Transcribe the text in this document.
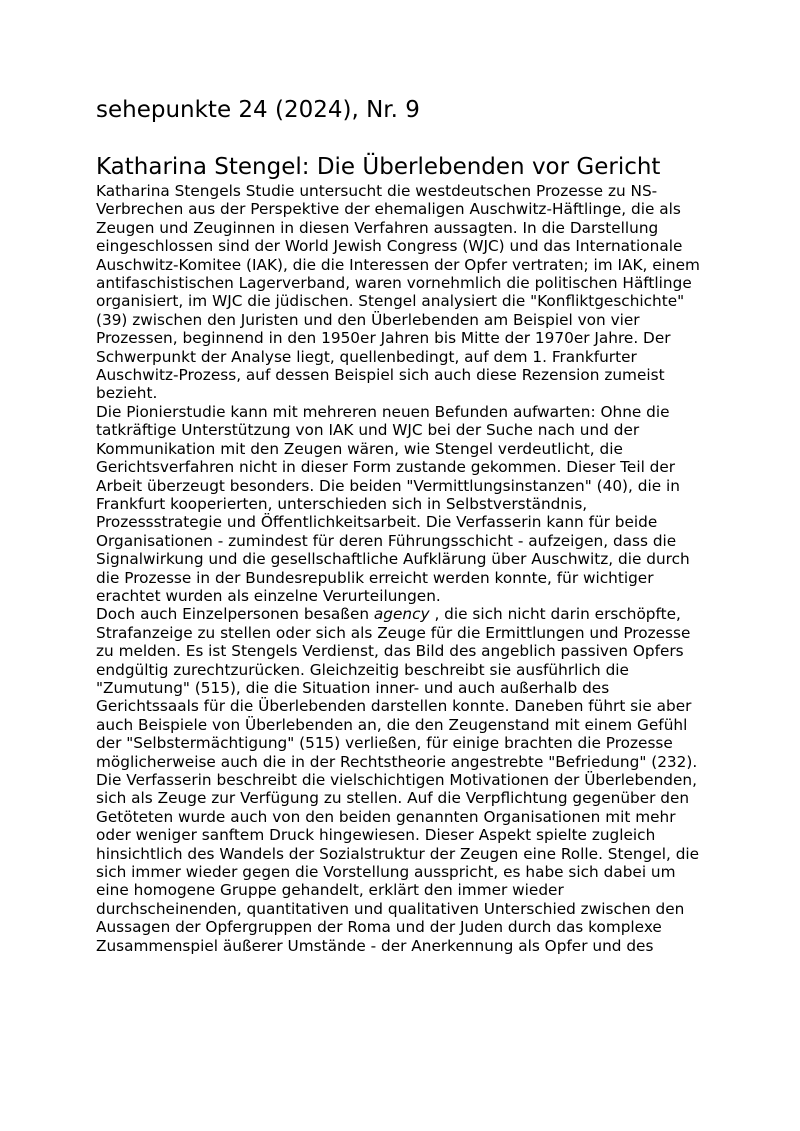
sehepunkte 24 (2024), Nr. 9
Katharina Stengel: Die Überlebenden vor Gericht

Katharina Stengels Studie untersucht die westdeutschen Prozesse zu NS-Verbrechen aus der Perspektive der ehemaligen Auschwitz-Häftlinge, die als Zeugen und Zeuginnen in diesen Verfahren aussagten. In die Darstellung eingeschlossen sind der World Jewish Congress (WJC) und das Internationale Auschwitz-Komitee (IAK), die die Interessen der Opfer vertraten; im IAK, einem antifaschistischen Lagerverband, waren vornehmlich die politischen Häftlinge organisiert, im WJC die jüdischen. Stengel analysiert die "Konfliktgeschichte" (39) zwischen den Juristen und den Überlebenden am Beispiel von vier Prozessen, beginnend in den 1950er Jahren bis Mitte der 1970er Jahre. Der Schwerpunkt der Analyse liegt, quellenbedingt, auf dem 1. Frankfurter Auschwitz-Prozess, auf dessen Beispiel sich auch diese Rezension zumeist bezieht.

Die Pionierstudie kann mit mehreren neuen Befunden aufwarten: Ohne die tatkräftige Unterstützung von IAK und WJC bei der Suche nach und der Kommunikation mit den Zeugen wären, wie Stengel verdeutlicht, die Gerichtsverfahren nicht in dieser Form zustande gekommen. Dieser Teil der Arbeit überzeugt besonders. Die beiden "Vermittlungsinstanzen" (40), die in Frankfurt kooperierten, unterschieden sich in Selbstverständnis, Prozessstrategie und Öffentlichkeitsarbeit. Die Verfasserin kann für beide Organisationen - zumindest für deren Führungsschicht - aufzeigen, dass die Signalwirkung und die gesellschaftliche Aufklärung über Auschwitz, die durch die Prozesse in der Bundesrepublik erreicht werden konnte, für wichtiger erachtet wurden als einzelne Verurteilungen.

Doch auch Einzelpersonen besaßen agency , die sich nicht darin erschöpfte, Strafanzeige zu stellen oder sich als Zeuge für die Ermittlungen und Prozesse zu melden. Es ist Stengels Verdienst, das Bild des angeblich passiven Opfers endgültig zurechtzurücken. Gleichzeitig beschreibt sie ausführlich die "Zumutung" (515), die die Situation inner- und auch außerhalb des Gerichtssaals für die Überlebenden darstellen konnte. Daneben führt sie aber auch Beispiele von Überlebenden an, die den Zeugenstand mit einem Gefühl der "Selbstermächtigung" (515) verließen, für einige brachten die Prozesse möglicherweise auch die in der Rechtstheorie angestrebte "Befriedung" (232).

Die Verfasserin beschreibt die vielschichtigen Motivationen der Überlebenden, sich als Zeuge zur Verfügung zu stellen. Auf die Verpflichtung gegenüber den Getöteten wurde auch von den beiden genannten Organisationen mit mehr oder weniger sanftem Druck hingewiesen. Dieser Aspekt spielte zugleich hinsichtlich des Wandels der Sozialstruktur der Zeugen eine Rolle. Stengel, die sich immer wieder gegen die Vorstellung ausspricht, es habe sich dabei um eine homogene Gruppe gehandelt, erklärt den immer wieder durchscheinenden, quantitativen und qualitativen Unterschied zwischen den Aussagen der Opfergruppen der Roma und der Juden durch das komplexe Zusammenspiel äußerer Umstände - der Anerkennung als Opfer und des
